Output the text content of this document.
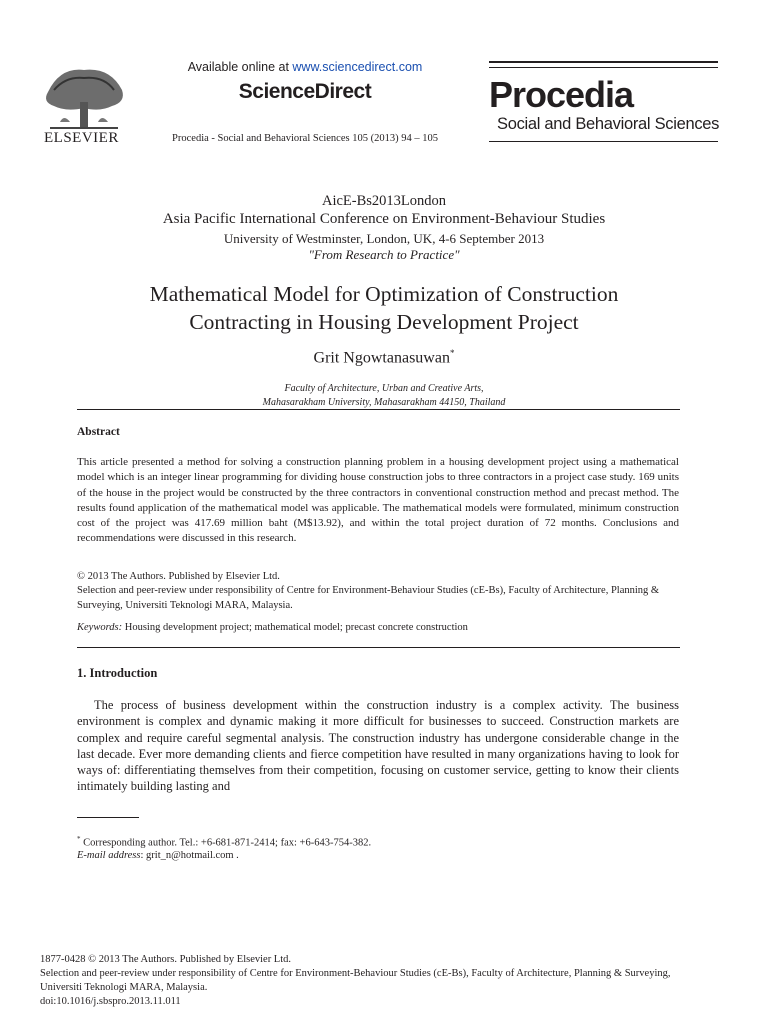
ELSEVIER
Available online at www.sciencedirect.com
ScienceDirect
Procedia - Social and Behavioral Sciences 105 (2013) 94 – 105
Procedia
Social and Behavioral Sciences
AicE-Bs2013London
Asia Pacific International Conference on Environment-Behaviour Studies
University of Westminster, London, UK, 4-6 September 2013
"From Research to Practice"
Mathematical Model for Optimization of Construction
Contracting in Housing Development Project
Grit Ngowtanasuwan*
Faculty of Architecture, Urban and Creative Arts,
Mahasarakham University, Mahasarakham 44150, Thailand
Abstract
This article presented a method for solving a construction planning problem in a housing development project using a mathematical model which is an integer linear programming for dividing house construction jobs to three contractors in a project case study. 169 units of the house in the project would be constructed by the three contractors in conventional construction method and precast method. The results found application of the mathematical model was applicable. The mathematical models were formulated, minimum construction cost of the project was 417.69 million baht (M$13.92), and within the total project duration of 72 months. Conclusions and recommendations were discussed in this research.
© 2013 The Authors. Published by Elsevier Ltd.
Selection and peer-review under responsibility of Centre for Environment-Behaviour Studies (cE-Bs), Faculty of Architecture, Planning & Surveying, Universiti Teknologi MARA, Malaysia.
Keywords: Housing development project; mathematical model; precast concrete construction
1. Introduction
The process of business development within the construction industry is a complex activity. The business environment is complex and dynamic making it more difficult for businesses to succeed. Construction markets are complex and require careful segmental analysis. The construction industry has undergone considerable change in the last decade. Ever more demanding clients and fierce competition have resulted in many organizations having to look for ways of: differentiating themselves from their competition, focusing on customer service, getting to know their clients intimately building lasting and
* Corresponding author. Tel.: +6-681-871-2414; fax: +6-643-754-382.
E-mail address: grit_n@hotmail.com .
1877-0428 © 2013 The Authors. Published by Elsevier Ltd.
Selection and peer-review under responsibility of Centre for Environment-Behaviour Studies (cE-Bs), Faculty of Architecture, Planning & Surveying,
Universiti Teknologi MARA, Malaysia.
doi:10.1016/j.sbspro.2013.11.011
